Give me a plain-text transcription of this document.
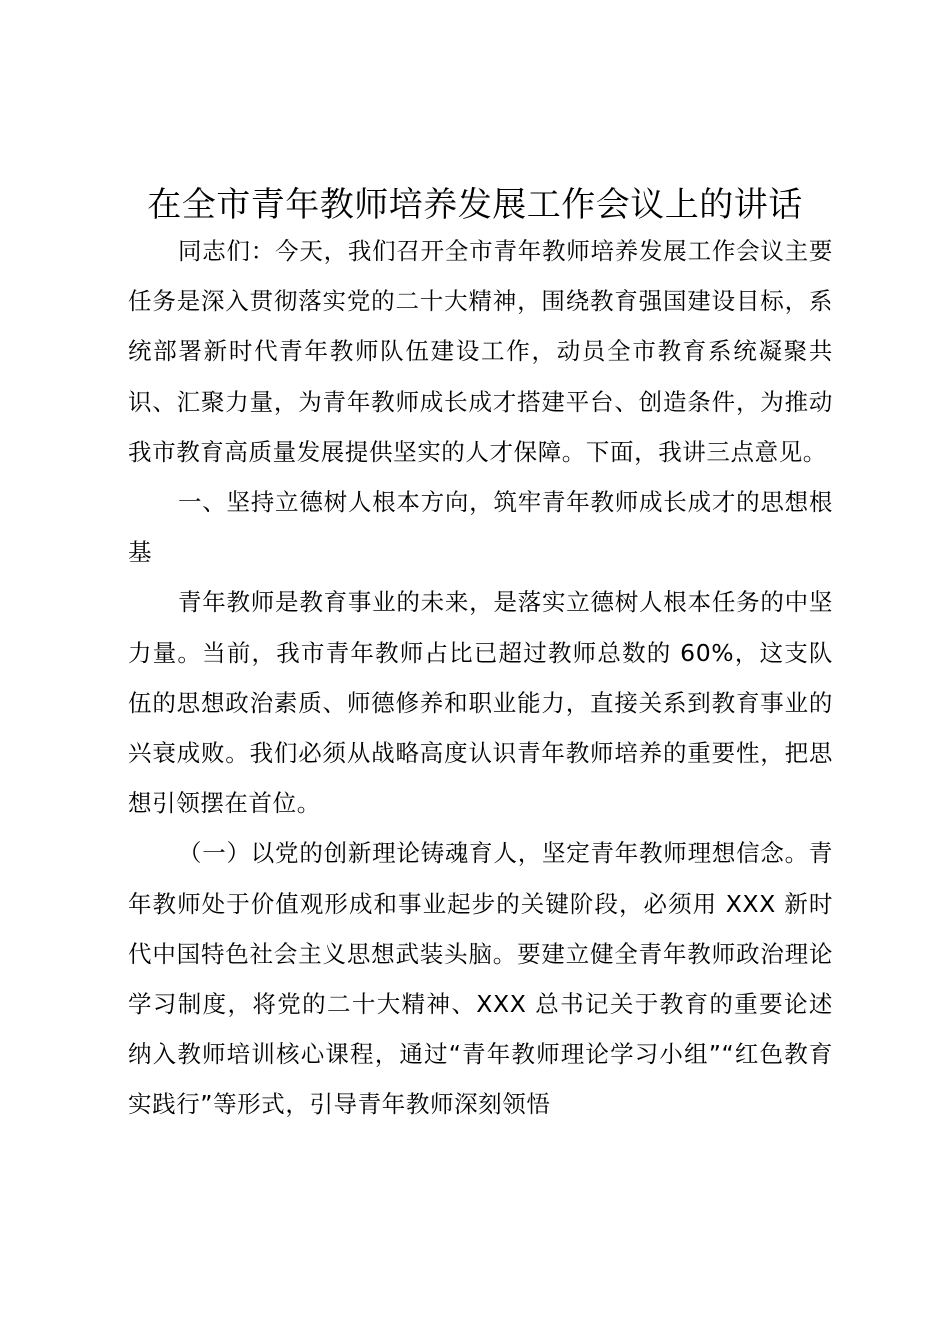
在全市青年教师培养发展工作会议上的讲话

同志们：今天，我们召开全市青年教师培养发展工作会议主要任务是深入贯彻落实党的二十大精神，围绕教育强国建设目标，系统部署新时代青年教师队伍建设工作，动员全市教育系统凝聚共识、汇聚力量，为青年教师成长成才搭建平台、创造条件，为推动我市教育高质量发展提供坚实的人才保障。下面，我讲三点意见。

一、坚持立德树人根本方向，筑牢青年教师成长成才的思想根基

青年教师是教育事业的未来，是落实立德树人根本任务的中坚力量。当前，我市青年教师占比已超过教师总数的 60%，这支队伍的思想政治素质、师德修养和职业能力，直接关系到教育事业的兴衰成败。我们必须从战略高度认识青年教师培养的重要性，把思想引领摆在首位。

（一）以党的创新理论铸魂育人，坚定青年教师理想信念。青年教师处于价值观形成和事业起步的关键阶段，必须用 XXX 新时代中国特色社会主义思想武装头脑。要建立健全青年教师政治理论学习制度，将党的二十大精神、XXX 总书记关于教育的重要论述纳入教师培训核心课程，通过“青年教师理论学习小组”“红色教育实践行”等形式，引导青年教师深刻领悟
